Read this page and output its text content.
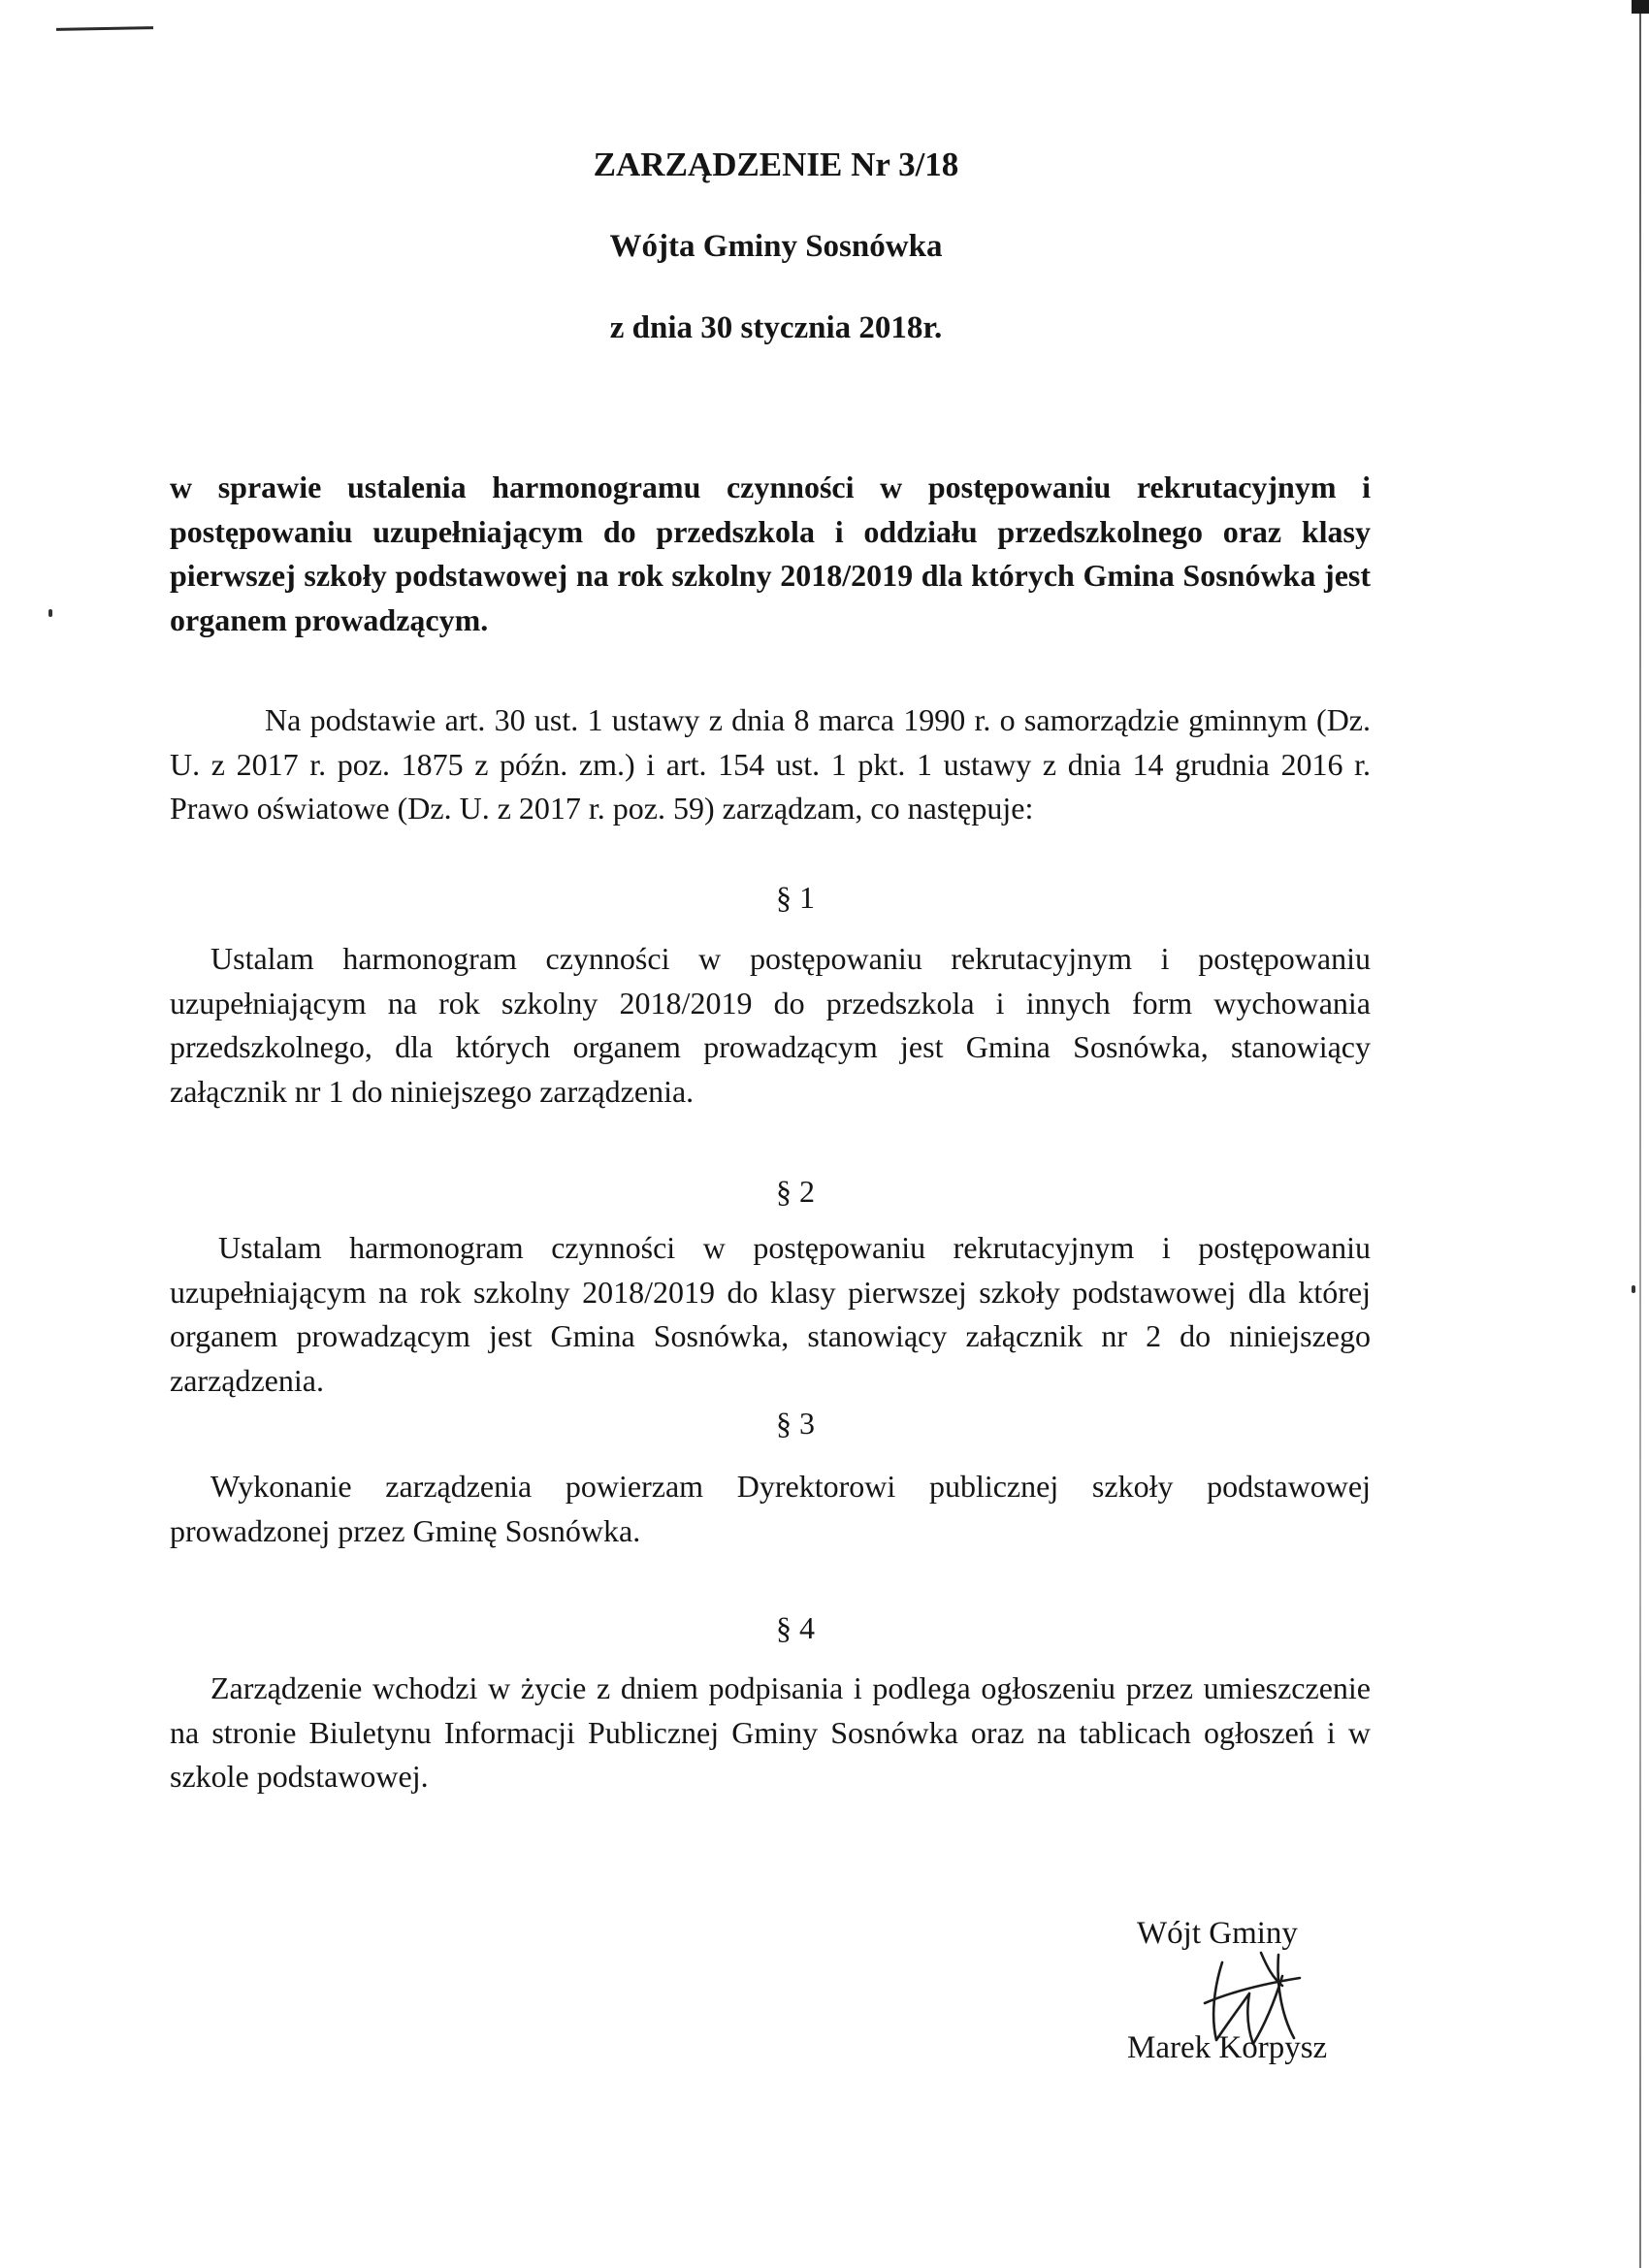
ZARZĄDZENIE Nr 3/18
Wójta Gminy Sosnówka
z dnia 30 stycznia 2018r.

w sprawie ustalenia harmonogramu czynności w postępowaniu rekrutacyjnym i postępowaniu uzupełniającym do przedszkola i oddziału przedszkolnego oraz klasy pierwszej szkoły podstawowej na rok szkolny 2018/2019 dla których Gmina Sosnówka jest organem prowadzącym.

Na podstawie art. 30 ust. 1 ustawy z dnia 8 marca 1990 r. o samorządzie gminnym (Dz. U. z 2017 r. poz. 1875 z późn. zm.) i art. 154 ust. 1 pkt. 1 ustawy z dnia 14 grudnia 2016 r. Prawo oświatowe (Dz. U. z 2017 r. poz. 59) zarządzam, co następuje:

§ 1

Ustalam harmonogram czynności w postępowaniu rekrutacyjnym i postępowaniu uzupełniającym na rok szkolny 2018/2019 do przedszkola i innych form wychowania przedszkolnego, dla których organem prowadzącym jest Gmina Sosnówka, stanowiący załącznik nr 1 do niniejszego zarządzenia.

§ 2

Ustalam harmonogram czynności w postępowaniu rekrutacyjnym i postępowaniu uzupełniającym na rok szkolny 2018/2019 do klasy pierwszej szkoły podstawowej dla której organem prowadzącym jest Gmina Sosnówka, stanowiący załącznik nr 2 do niniejszego zarządzenia.

§ 3

Wykonanie zarządzenia powierzam Dyrektorowi publicznej szkoły podstawowej prowadzonej przez Gminę Sosnówka.

§ 4

Zarządzenie wchodzi w życie z dniem podpisania i podlega ogłoszeniu przez umieszczenie na stronie Biuletynu Informacji Publicznej Gminy Sosnówka oraz na tablicach ogłoszeń i w szkole podstawowej.

Wójt Gminy

Marek Korpysz
